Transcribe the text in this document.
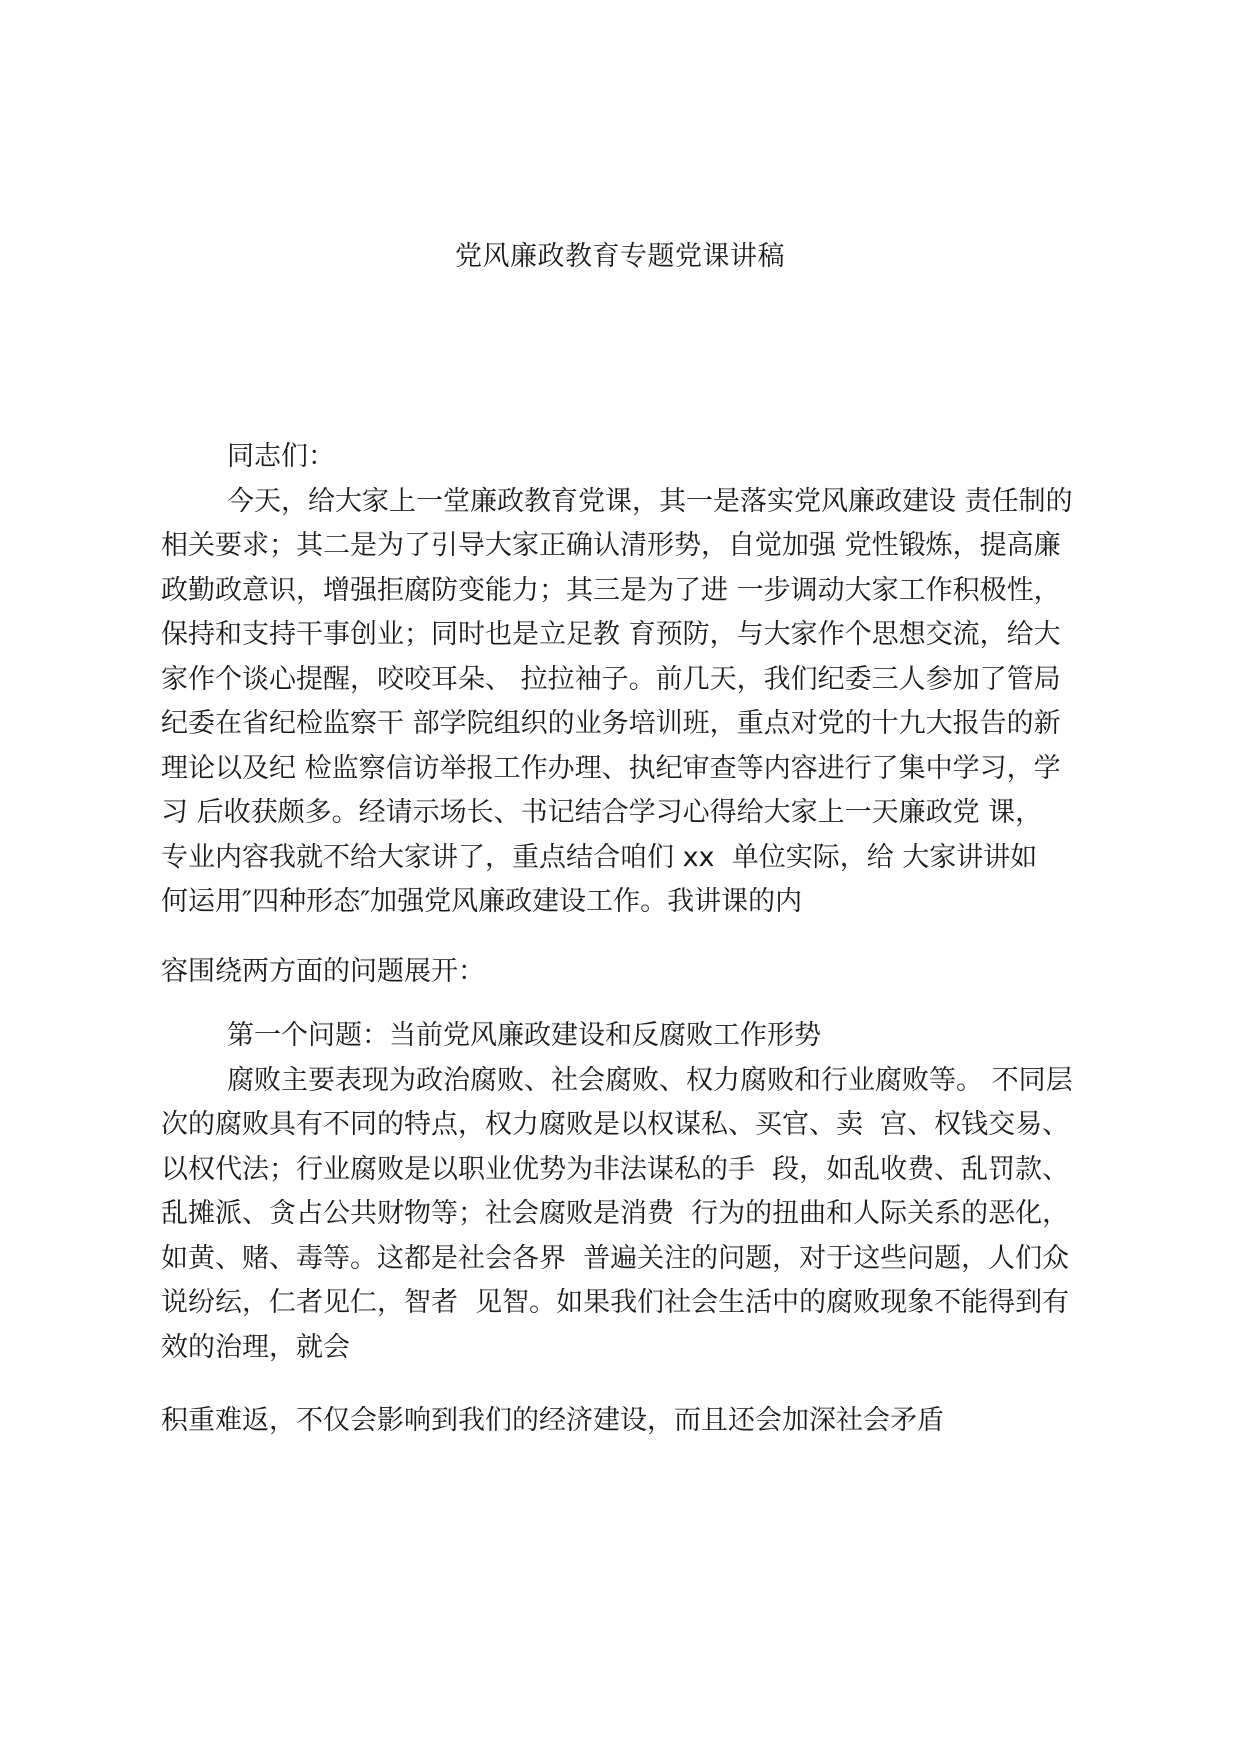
党风廉政教育专题党课讲稿
同志们：
今天，给大家上一堂廉政教育党课，其一是落实党风廉政建设 责任制的
相关要求；其二是为了引导大家正确认清形势，自觉加强 党性锻炼，提高廉
政勤政意识，增强拒腐防变能力；其三是为了进 一步调动大家工作积极性，
保持和支持干事创业；同时也是立足教 育预防，与大家作个思想交流，给大
家作个谈心提醒，咬咬耳朵、 拉拉袖子。前几天，我们纪委三人参加了管局
纪委在省纪检监察干 部学院组织的业务培训班，重点对党的十九大报告的新
理论以及纪 检监察信访举报工作办理、执纪审查等内容进行了集中学习，学
习 后收获颇多。经请示场长、书记结合学习心得给大家上一天廉政党 课，
专业内容我就不给大家讲了，重点结合咱们 xx  单位实际，给 大家讲讲如
何运用″四种形态″加强党风廉政建设工作。我讲课的内
容围绕两方面的问题展开：
第一个问题：当前党风廉政建设和反腐败工作形势
腐败主要表现为政治腐败、社会腐败、权力腐败和行业腐败等。 不同层
次的腐败具有不同的特点，权力腐败是以权谋私、买官、卖  宫、权钱交易、
以权代法；行业腐败是以职业优势为非法谋私的手  段，如乱收费、乱罚款、
乱摊派、贪占公共财物等；社会腐败是消费  行为的扭曲和人际关系的恶化，
如黄、赌、毒等。这都是社会各界  普遍关注的问题，对于这些问题，人们众
说纷纭，仁者见仁，智者  见智。如果我们社会生活中的腐败现象不能得到有
效的治理，就会
积重难返，不仅会影响到我们的经济建设，而且还会加深社会矛盾
